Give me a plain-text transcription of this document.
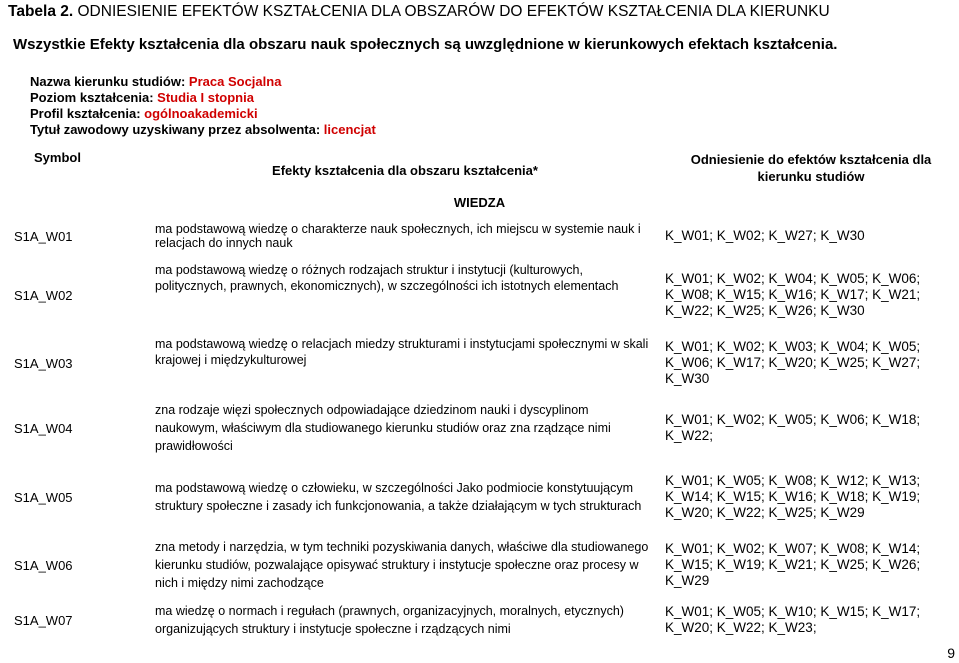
Tabela 2. ODNIESIENIE EFEKTÓW KSZTAŁCENIA DLA OBSZARÓW DO EFEKTÓW KSZTAŁCENIA DLA KIERUNKU
Wszystkie Efekty kształcenia dla obszaru nauk społecznych są uwzględnione w kierunkowych efektach kształcenia.
Nazwa kierunku studiów: Praca Socjalna
Poziom kształcenia: Studia I stopnia
Profil kształcenia: ogólnoakademicki
Tytuł zawodowy uzyskiwany przez absolwenta: licencjat
Symbol	Efekty kształcenia dla obszaru kształcenia*	Odniesienie do efektów kształcenia dla kierunku studiów
WIEDZA		
S1A_W01	ma podstawową wiedzę o charakterze nauk społecznych, ich miejscu w systemie nauk i relacjach do innych nauk	K_W01; K_W02; K_W27; K_W30
S1A_W02	ma podstawową wiedzę o różnych rodzajach struktur i instytucji (kulturowych, politycznych, prawnych, ekonomicznych), w szczególności ich istotnych elementach	K_W01; K_W02; K_W04; K_W05; K_W06; K_W08; K_W15; K_W16; K_W17; K_W21; K_W22; K_W25; K_W26; K_W30
S1A_W03	ma podstawową wiedzę o relacjach miedzy strukturami i instytucjami społecznymi w skali krajowej i międzykulturowej	K_W01; K_W02; K_W03; K_W04; K_W05; K_W06; K_W17; K_W20; K_W25; K_W27; K_W30
S1A_W04	zna rodzaje więzi społecznych odpowiadające dziedzinom nauki i dyscyplinom naukowym, właściwym dla studiowanego kierunku studiów oraz zna rządzące nimi prawidłowości	K_W01; K_W02; K_W05; K_W06; K_W18; K_W22;
S1A_W05	ma podstawową wiedzę o człowieku, w szczególności Jako podmiocie konstytuującym struktury społeczne i zasady ich funkcjonowania, a także działającym w tych strukturach	K_W01; K_W05; K_W08; K_W12; K_W13; K_W14; K_W15; K_W16; K_W18; K_W19; K_W20; K_W22; K_W25; K_W29
S1A_W06	zna metody i narzędzia, w tym techniki pozyskiwania danych, właściwe dla studiowanego kierunku studiów, pozwalające opisywać struktury i instytucje społeczne oraz procesy w nich i między nimi zachodzące	K_W01; K_W02; K_W07; K_W08; K_W14; K_W15; K_W19; K_W21; K_W25; K_W26; K_W29
S1A_W07	ma wiedzę o normach i regułach (prawnych, organizacyjnych, moralnych, etycznych) organizujących struktury i instytucje społeczne i rządzących nimi	K_W01; K_W05; K_W10; K_W15; K_W17; K_W20; K_W22; K_W23;
9
